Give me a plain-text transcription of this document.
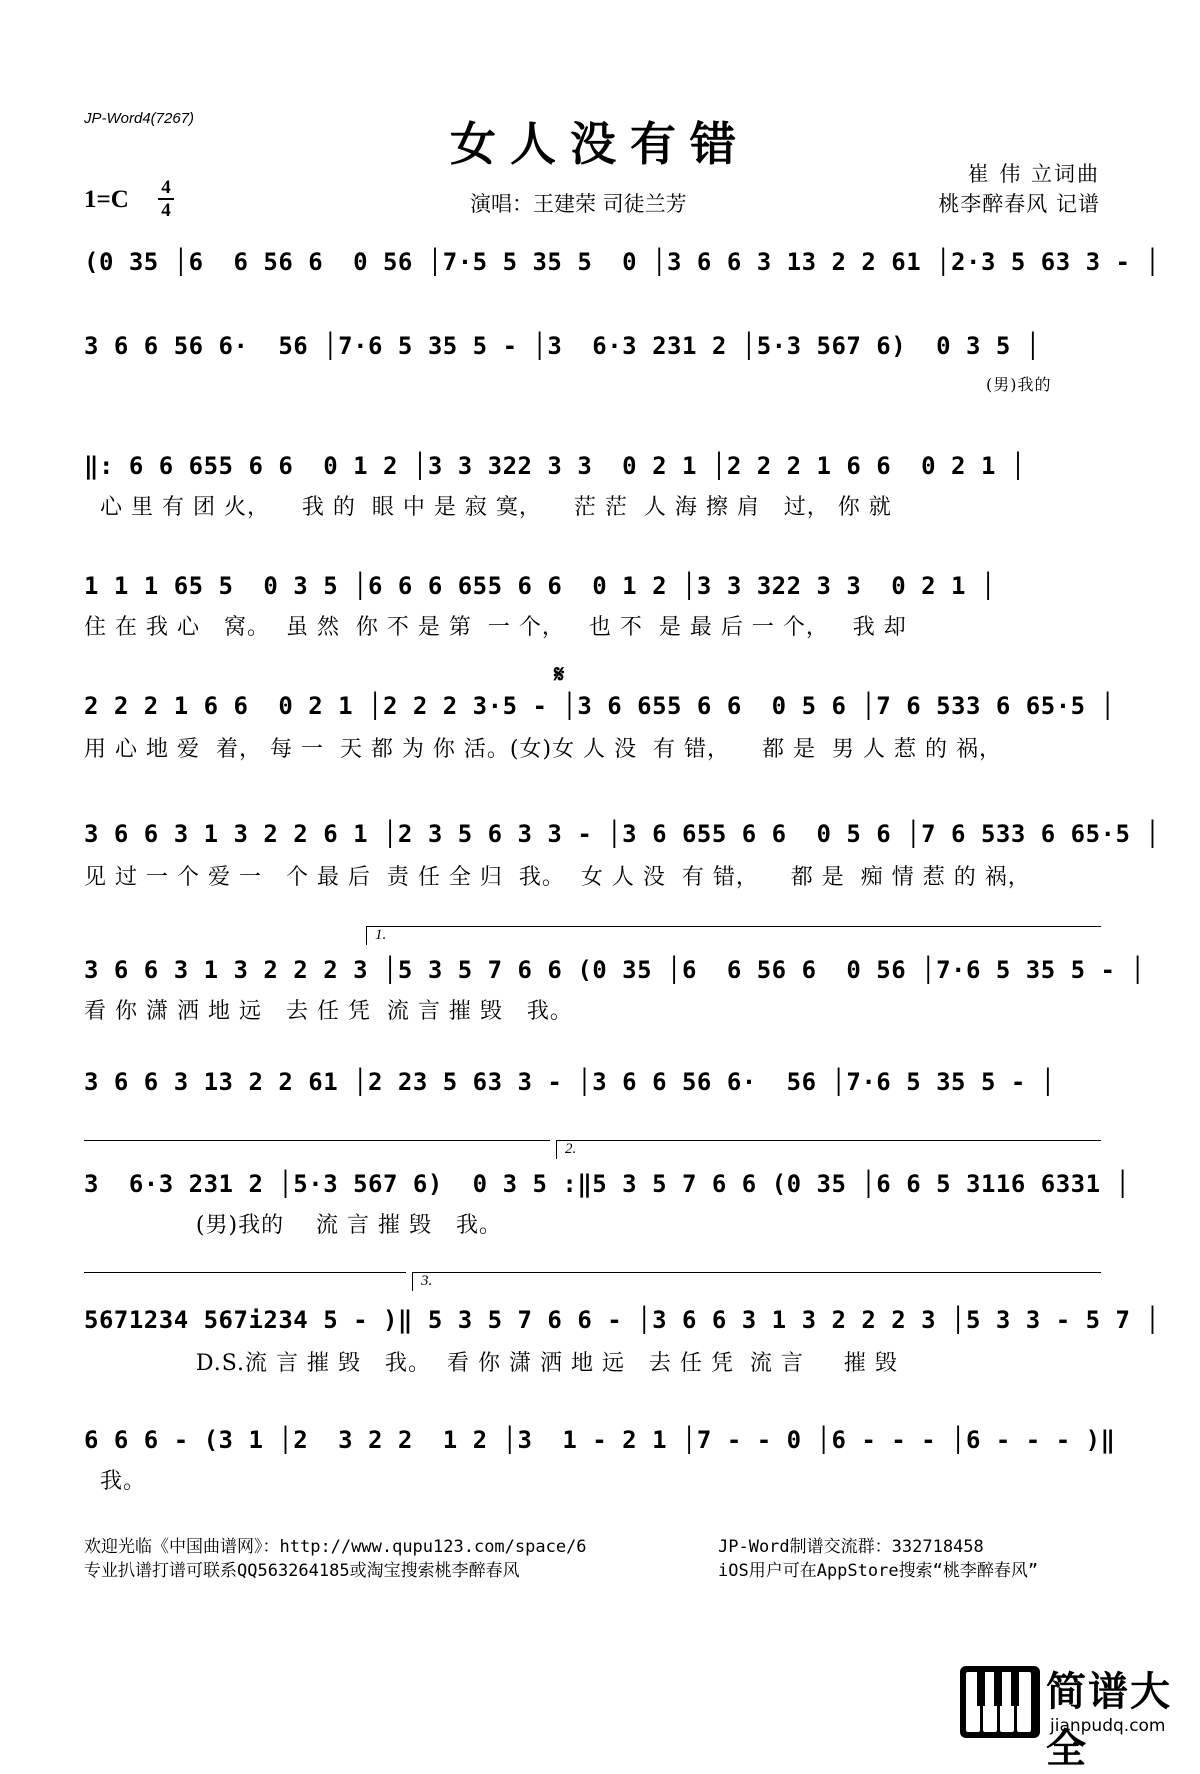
JP-Word4(7267)	女人没有错
1=C 4
4	演唱：王建荣 司徒兰芳
崔 伟 立词曲
桃李醉春风 记谱
(0 35 │6  6 56 6  0 56 │7·5 5 35 5  0 │3 6 6 3 13 2 2 61 │2·3 5 63 3 - │
3 6 6 56 6·  56 │7·6 5 35 5 - │3  6·3 231 2 │5·3 567 6)  0 3 5 │
(男)我的
‖: 6 6 655 6 6  0 1 2 │3 3 322 3 3  0 2 1 │2 2 2 1 6 6  0 2 1 │
心 里 有 团 火，    我 的  眼 中 是 寂 寞，    茫 茫  人 海 擦 肩   过， 你 就
1 1 1 65 5  0 3 5 │6 6 6 655 6 6  0 1 2 │3 3 322 3 3  0 2 1 │
住 在 我 心   窝。  虽 然  你 不 是 第  一 个，   也 不  是 最 后 一 个，   我 却
𝄋
2 2 2 1 6 6  0 2 1 │2 2 2 3·5 - │3 6 655 6 6  0 5 6 │7 6 533 6 65·5 │
用 心 地 爱  着， 每 一  天 都 为 你 活。(女)女 人 没  有 错，    都 是  男 人 惹 的 祸，
3 6 6 3 1 3 2 2 6 1 │2 3 5 6 3 3 - │3 6 655 6 6  0 5 6 │7 6 533 6 65·5 │
见 过 一 个 爱 一   个 最 后  责 任 全 归  我。  女 人 没  有 错，    都 是  痴 情 惹 的 祸，
1.
3 6 6 3 1 3 2 2 2 3 │5 3 5 7 6 6 (0 35 │6  6 56 6  0 56 │7·6 5 35 5 - │
看 你 潇 洒 地 远   去 任 凭  流 言 摧 毁   我。
3 6 6 3 13 2 2 61 │2 23 5 63 3 - │3 6 6 56 6·  56 │7·6 5 35 5 - │
2.
3  6·3 231 2 │5·3 567 6)  0 3 5 :‖5 3 5 7 6 6 (0 35 │6 6 5 3116 6331 │
(男)我的    流 言 摧 毁   我。
3.
5671234 567i234 5 - )‖ 5 3 5 7 6 6 - │3 6 6 3 1 3 2 2 2 3 │5 3 3 - 5 7 │
D.S.流 言 摧 毁   我。  看 你 潇 洒 地 远   去 任 凭  流 言     摧 毁
6 6 6 - (3 1 │2  3 2 2  1 2 │3  1 - 2 1 │7 - - 0 │6 - - - │6 - - - )‖
我。
欢迎光临《中国曲谱网》：http://www.qupu123.com/space/6
专业扒谱打谱可联系QQ563264185或淘宝搜索桃李醉春风
JP-Word制谱交流群：332718458
iOS用户可在AppStore搜索“桃李醉春风”
简谱大全
jianpudq.com
